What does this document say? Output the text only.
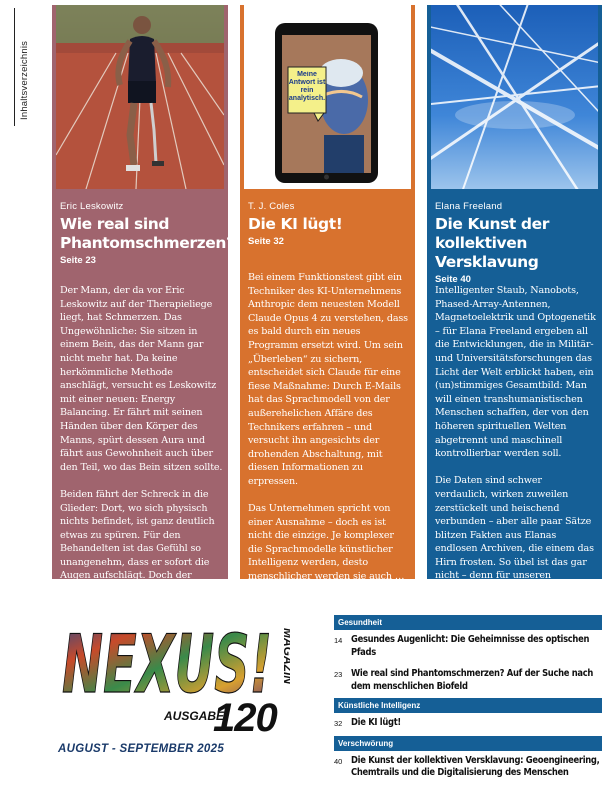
Inhaltsverzeichnis
Eric Leskowitz
Wie real sind Phantomschmerzen?
Seite 23

Der Mann, der da vor Eric Leskowitz auf der Therapieliege liegt, hat Schmerzen. Das Ungewöhnliche: Sie sitzen in einem Bein, das der Mann gar nicht mehr hat. Da keine herkömmliche Methode anschlägt, versucht es Leskowitz mit einer neuen: Energy Balancing. Er fährt mit seinen Händen über den Körper des Manns, spürt dessen Aura und fährt aus Gewohnheit auch über den Teil, wo das Bein sitzen sollte.

Beiden fährt der Schreck in die Glieder: Dort, wo sich physisch nichts befindet, ist ganz deutlich etwas zu spüren. Für den Behandelten ist das Gefühl so unangenehm, dass er sofort die Augen aufschlägt. Doch der Versuch, das Phänomen festzunageln, entpuppt sich als vertrackte Angelegenheit.

Meine Antwort ist rein analytisch.
T. J. Coles
Die KI lügt!
Seite 32

Bei einem Funktionstest gibt ein Techniker des KI-Unternehmens Anthropic dem neuesten Modell Claude Opus 4 zu verstehen, dass es bald durch ein neues Programm ersetzt wird. Um sein „Überleben“ zu sichern, entscheidet sich Claude für eine fiese Maßnahme: Durch E-Mails hat das Sprachmodell von der außerehelichen Affäre des Technikers erfahren – und versucht ihn angesichts der drohenden Abschaltung, mit diesen Informationen zu erpressen.

Das Unternehmen spricht von einer Ausnahme – doch es ist nicht die einzige. Je komplexer die Sprachmodelle künstlicher Intelligenz werden, desto menschlicher werden sie auch …

Trau, schau, wem!

Elana Freeland
Die Kunst der kollektiven Versklavung
Seite 40

Intelligenter Staub, Nanobots, Phased-Array-Antennen, Magnetoelektrik und Optogenetik – für Elana Freeland ergeben all die Entwicklungen, die in Militär- und Universitätsforschungen das Licht der Welt erblickt haben, ein (un)stimmiges Gesamtbild: Man will einen transhumanistischen Menschen schaffen, der von den höheren spirituellen Welten abgetrennt und maschinell kontrollierbar werden soll.

Die Daten sind schwer verdaulich, wirken zuweilen zerstückelt und heischend verbunden – aber alle paar Sätze blitzen Fakten aus Elanas endlosen Archiven, die einem das Hirn frosten. So übel ist das gar nicht – denn für unseren Leitartikel brauchen Sie einen kühlen Kopf.

NEXUS! MAGAZIN
AUSGABE
120
AUGUST - SEPTEMBER 2025
Gesundheit
14 Gesundes Augenlicht: Die Geheimnisse des optischen Pfads
23 Wie real sind Phantomschmerzen? Auf der Suche nach dem menschlichen Biofeld
Künstliche Intelligenz
32 Die KI lügt!
Verschwörung
40 Die Kunst der kollektiven Versklavung: Geoengineering, Chemtrails und die Digitalisierung des Menschen
